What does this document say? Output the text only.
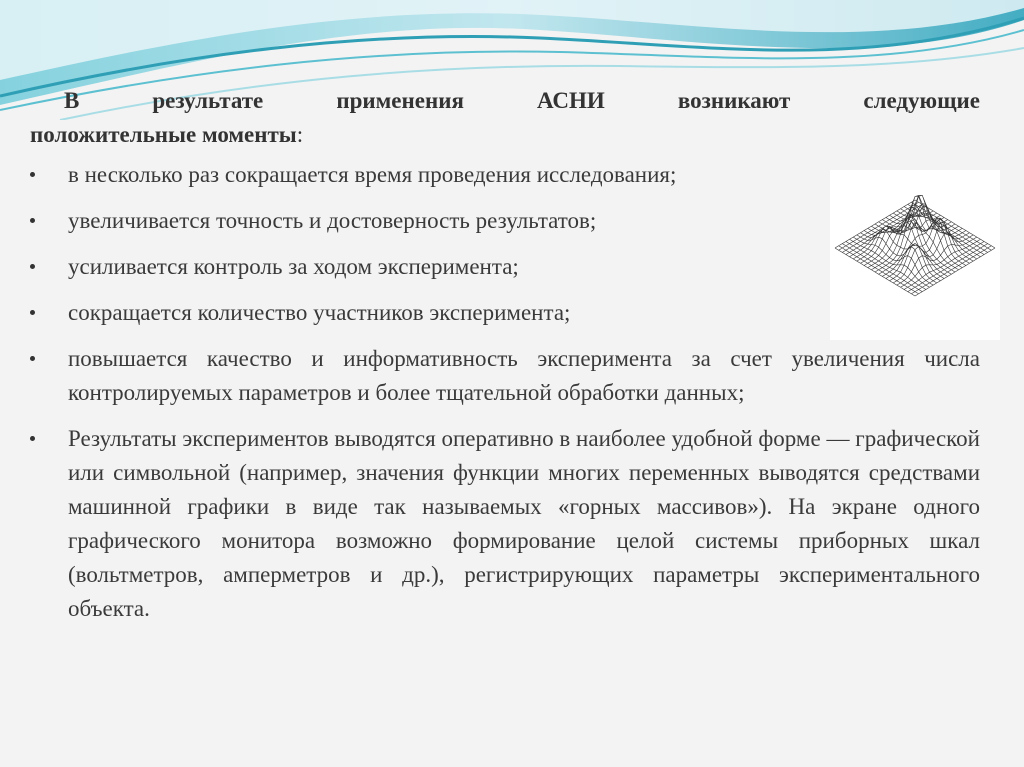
В результате применения АСНИ возникают следующие
положительные моменты:
в несколько раз сокращается время проведения исследования;
увеличивается точность и достоверность результатов;
усиливается контроль за ходом эксперимента;
сокращается количество участников эксперимента;
повышается качество и информативность эксперимента за счет увеличения числа контролируемых параметров и более тщательной обработки данных;
Результаты экспериментов выводятся оперативно в наиболее удобной форме — графической или символьной (например, значения функции многих переменных выводятся средствами машинной графики в виде так называемых «горных массивов»). На экране одного графического монитора возможно формирование целой системы приборных шкал (вольтметров, амперметров и др.), регистрирующих параметры экспериментального объекта.
